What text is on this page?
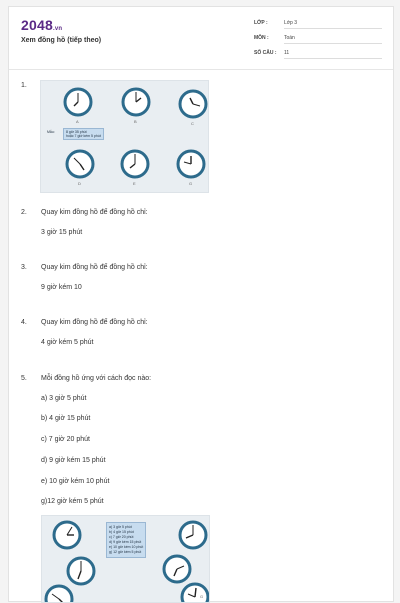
2048.vn
Xem đồng hồ (tiếp theo)
LỚP :	Lớp 3
MÔN :	Toán
SỐ CÂU : 11
1.
A	B	C
Mẫu:	8 giờ 35 phút
hoặc 7 giờ kém 5 phút
D	E	G
2. Quay kim đồng hồ để đồng hồ chỉ:
3 giờ 15 phút
3. Quay kim đồng hồ để đồng hồ chỉ:
9 giờ kém 10
4. Quay kim đồng hồ để đồng hồ chỉ:
4 giờ kém 5 phút
5. Mỗi đồng hồ ứng với cách đọc nào:
a) 3 giờ 5 phút
b) 4 giờ 15 phút
c) 7 giờ 20 phút
d) 9 giờ kém 15 phút
e) 10 giờ kém 10 phút
g)12 giờ kém 5 phút
a) 3 giờ 5 phút
b) 4 giờ 15 phút
c) 7 giờ 20 phút
d) 9 giờ kém 15 phút
e) 10 giờ kém 10 phút
g) 12 giờ kém 5 phút
G
